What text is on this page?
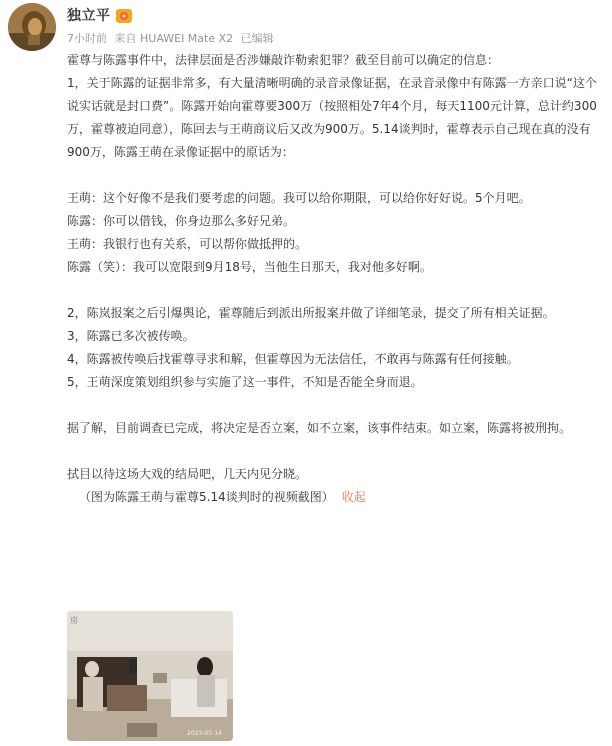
独立平
7小时前 来自 HUAWEI Mate X2 已编辑

霍尊与陈露事件中，法律层面是否涉嫌敲诈勒索犯罪？截至目前可以确定的信息：

1，关于陈露的证据非常多，有大量清晰明确的录音录像证据，在录音录像中有陈露一方亲口说“这个说实话就是封口费”。陈露开始向霍尊要300万（按照相处7年4个月，每天1100元计算，总计约300万，霍尊被迫同意），陈回去与王萌商议后又改为900万。5.14谈判时，霍尊表示自己现在真的没有900万，陈露王萌在录像证据中的原话为：

王萌：这个好像不是我们要考虑的问题。我可以给你期限，可以给你好好说。5个月吧。

陈露：你可以借钱，你身边那么多好兄弟。

王萌：我银行也有关系，可以帮你做抵押的。

陈露（笑）：我可以宽限到9月18号，当他生日那天，我对他多好啊。

2，陈岚报案之后引爆舆论，霍尊随后到派出所报案并做了详细笔录，提交了所有相关证据。

3，陈露已多次被传唤。

4，陈露被传唤后找霍尊寻求和解，但霍尊因为无法信任，不敢再与陈露有任何接触。

5，王萌深度策划组织参与实施了这一事件，不知是否能全身而退。

据了解，目前调查已完成，将决定是否立案，如不立案，该事件结束。如立案，陈露将被刑拘。

拭目以待这场大戏的结局吧，几天内见分晓。

（图为陈露王萌与霍尊5.14谈判时的视频截图） 收起

房
2023-05-14
